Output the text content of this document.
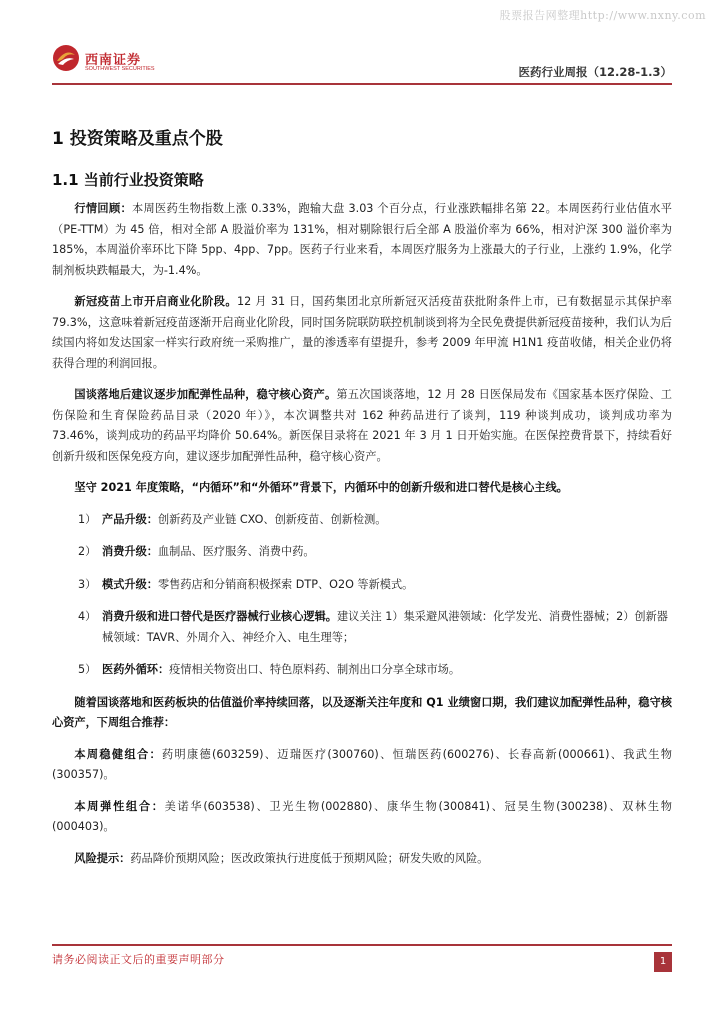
股票报告网整理http://www.nxny.com
西南证券
SOUTHWEST SECURITIES	医药行业周报（12.28-1.3）
1 投资策略及重点个股
1.1 当前行业投资策略

行情回顾：本周医药生物指数上涨 0.33%，跑输大盘 3.03 个百分点，行业涨跌幅排名第 22。本周医药行业估值水平（PE-TTM）为 45 倍，相对全部 A 股溢价率为 131%，相对剔除银行后全部 A 股溢价率为 66%，相对沪深 300 溢价率为 185%，本周溢价率环比下降 5pp、4pp、7pp。医药子行业来看，本周医疗服务为上涨最大的子行业，上涨约 1.9%，化学制剂板块跌幅最大，为-1.4%。

新冠疫苗上市开启商业化阶段。12 月 31 日，国药集团北京所新冠灭活疫苗获批附条件上市，已有数据显示其保护率 79.3%，这意味着新冠疫苗逐渐开启商业化阶段，同时国务院联防联控机制谈到将为全民免费提供新冠疫苗接种，我们认为后续国内将如发达国家一样实行政府统一采购推广，量的渗透率有望提升，参考 2009 年甲流 H1N1 疫苗收储，相关企业仍将获得合理的利润回报。

国谈落地后建议逐步加配弹性品种，稳守核心资产。第五次国谈落地，12 月 28 日医保局发布《国家基本医疗保险、工伤保险和生育保险药品目录（2020 年）》，本次调整共对 162 种药品进行了谈判，119 种谈判成功，谈判成功率为 73.46%，谈判成功的药品平均降价 50.64%。新医保目录将在 2021 年 3 月 1 日开始实施。在医保控费背景下，持续看好创新升级和医保免疫方向，建议逐步加配弹性品种，稳守核心资产。

坚守 2021 年度策略，“内循环”和“外循环”背景下，内循环中的创新升级和进口替代是核心主线。

1） 产品升级：创新药及产业链 CXO、创新疫苗、创新检测。
2） 消费升级：血制品、医疗服务、消费中药。
3） 模式升级：零售药店和分销商积极探索 DTP、O2O 等新模式。
4） 消费升级和进口替代是医疗器械行业核心逻辑。建议关注 1）集采避风港领域：化学发光、消费性器械；2）创新器械领域：TAVR、外周介入、神经介入、电生理等；
5） 医药外循环：疫情相关物资出口、特色原料药、制剂出口分享全球市场。

随着国谈落地和医药板块的估值溢价率持续回落，以及逐渐关注年度和 Q1 业绩窗口期，我们建议加配弹性品种，稳守核心资产，下周组合推荐：

本周稳健组合：药明康德(603259)、迈瑞医疗(300760)、恒瑞医药(600276)、长春高新(000661)、我武生物(300357)。

本周弹性组合：美诺华(603538)、卫光生物(002880)、康华生物(300841)、冠昊生物(300238)、双林生物(000403)。

风险提示：药品降价预期风险；医改政策执行进度低于预期风险；研发失败的风险。

请务必阅读正文后的重要声明部分	1
